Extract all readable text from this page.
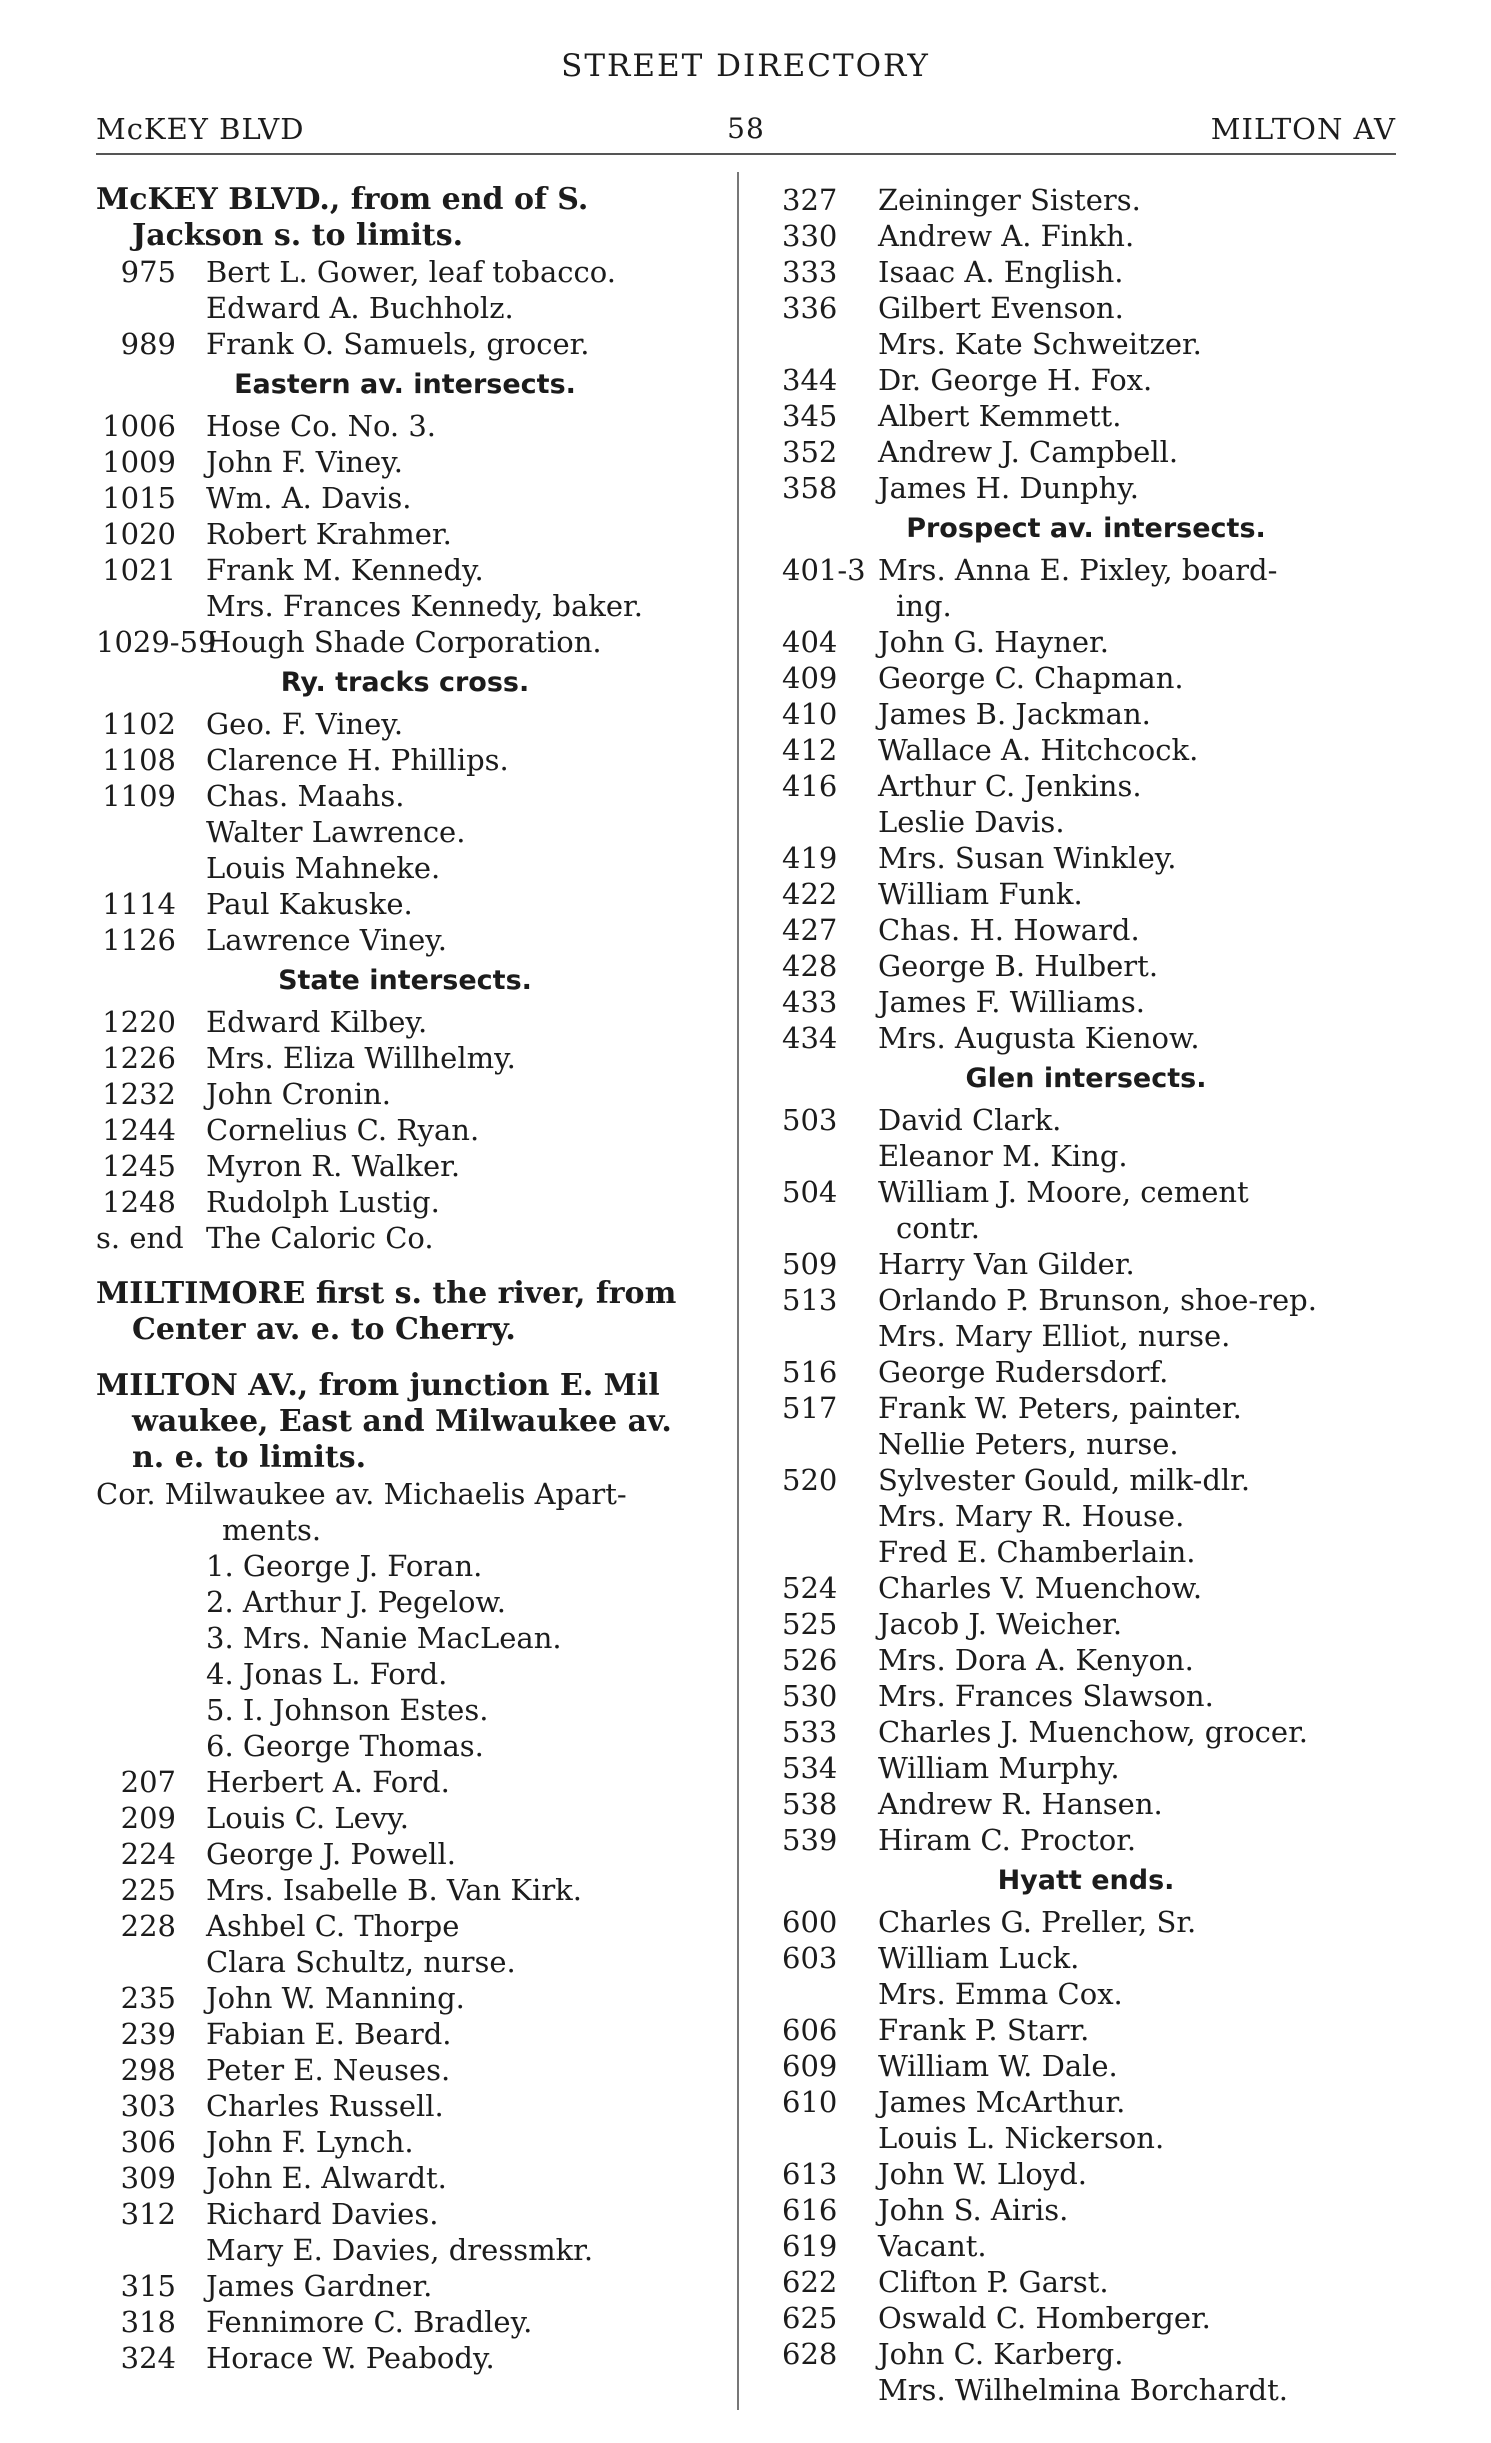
STREET DIRECTORY
McKEY BLVD	58	MILTON AV
McKEY BLVD., from end of S.
Jackson s. to limits.
975 Bert L. Gower, leaf tobacco.
Edward A. Buchholz.
989 Frank O. Samuels, grocer.
Eastern av. intersects.
1006 Hose Co. No. 3.
1009 John F. Viney.
1015 Wm. A. Davis.
1020 Robert Krahmer.
1021 Frank M. Kennedy.
Mrs. Frances Kennedy, baker.
1029-59
Hough Shade Corporation.
Ry. tracks cross.
1102 Geo. F. Viney.
1108 Clarence H. Phillips.
1109 Chas. Maahs.
Walter Lawrence.
Louis Mahneke.
1114 Paul Kakuske.
1126 Lawrence Viney.
State intersects.
1220 Edward Kilbey.
1226 Mrs. Eliza Willhelmy.
1232 John Cronin.
1244 Cornelius C. Ryan.
1245 Myron R. Walker.
1248 Rudolph Lustig.
s. end The Caloric Co.
MILTIMORE first s. the river, from
Center av. e. to Cherry.
MILTON AV., from junction E. Mil
waukee, East and Milwaukee av.
n. e. to limits.
Cor. Milwaukee av. Michaelis Apart-
ments.
1. George J. Foran.
2. Arthur J. Pegelow.
3. Mrs. Nanie MacLean.
4. Jonas L. Ford.
5. I. Johnson Estes.
6. George Thomas.
207 Herbert A. Ford.
209 Louis C. Levy.
224 George J. Powell.
225 Mrs. Isabelle B. Van Kirk.
228 Ashbel C. Thorpe
Clara Schultz, nurse.
235 John W. Manning.
239 Fabian E. Beard.
298 Peter E. Neuses.
303 Charles Russell.
306 John F. Lynch.
309 John E. Alwardt.
312 Richard Davies.
Mary E. Davies, dressmkr.
315 James Gardner.
318 Fennimore C. Bradley.
324 Horace W. Peabody.
327 Zeininger Sisters.
330 Andrew A. Finkh.
333 Isaac A. English.
336 Gilbert Evenson.
Mrs. Kate Schweitzer.
344 Dr. George H. Fox.
345 Albert Kemmett.
352 Andrew J. Campbell.
358 James H. Dunphy.
Prospect av. intersects.
401-3 Mrs. Anna E. Pixley, board-
ing.
404 John G. Hayner.
409 George C. Chapman.
410 James B. Jackman.
412 Wallace A. Hitchcock.
416 Arthur C. Jenkins.
Leslie Davis.
419 Mrs. Susan Winkley.
422 William Funk.
427 Chas. H. Howard.
428 George B. Hulbert.
433 James F. Williams.
434 Mrs. Augusta Kienow.
Glen intersects.
503 David Clark.
Eleanor M. King.
504 William J. Moore, cement
contr.
509 Harry Van Gilder.
513 Orlando P. Brunson, shoe-rep.
Mrs. Mary Elliot, nurse.
516 George Rudersdorf.
517 Frank W. Peters, painter.
Nellie Peters, nurse.
520 Sylvester Gould, milk-dlr.
Mrs. Mary R. House.
Fred E. Chamberlain.
524 Charles V. Muenchow.
525 Jacob J. Weicher.
526 Mrs. Dora A. Kenyon.
530 Mrs. Frances Slawson.
533 Charles J. Muenchow, grocer.
534 William Murphy.
538 Andrew R. Hansen.
539 Hiram C. Proctor.
Hyatt ends.
600 Charles G. Preller, Sr.
603 William Luck.
Mrs. Emma Cox.
606 Frank P. Starr.
609 William W. Dale.
610 James McArthur.
Louis L. Nickerson.
613 John W. Lloyd.
616 John S. Airis.
619 Vacant.
622 Clifton P. Garst.
625 Oswald C. Homberger.
628 John C. Karberg.
Mrs. Wilhelmina Borchardt.
